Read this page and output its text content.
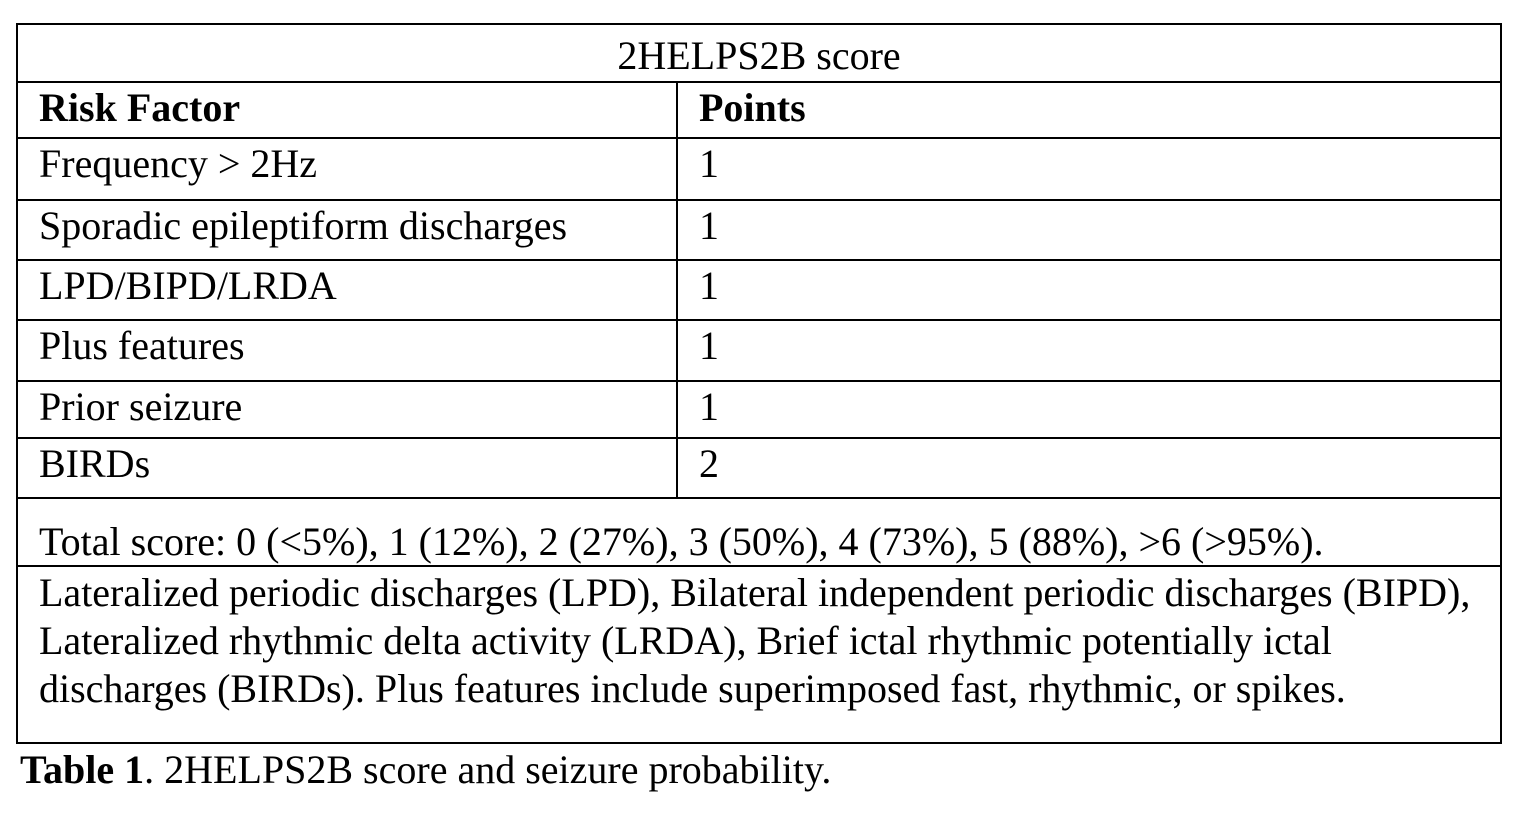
2HELPS2B score
Risk Factor	Points
Frequency > 2Hz	1
Sporadic epileptiform discharges	1
LPD/BIPD/LRDA	1
Plus features	1
Prior seizure	1
BIRDs	2
Total score: 0 (<5%), 1 (12%), 2 (27%), 3 (50%), 4 (73%), 5 (88%), >6 (>95%).
Lateralized periodic discharges (LPD), Bilateral independent periodic discharges (BIPD), Lateralized rhythmic delta activity (LRDA), Brief ictal rhythmic potentially ictal discharges (BIRDs). Plus features include superimposed fast, rhythmic, or spikes.
Table 1. 2HELPS2B score and seizure probability.
